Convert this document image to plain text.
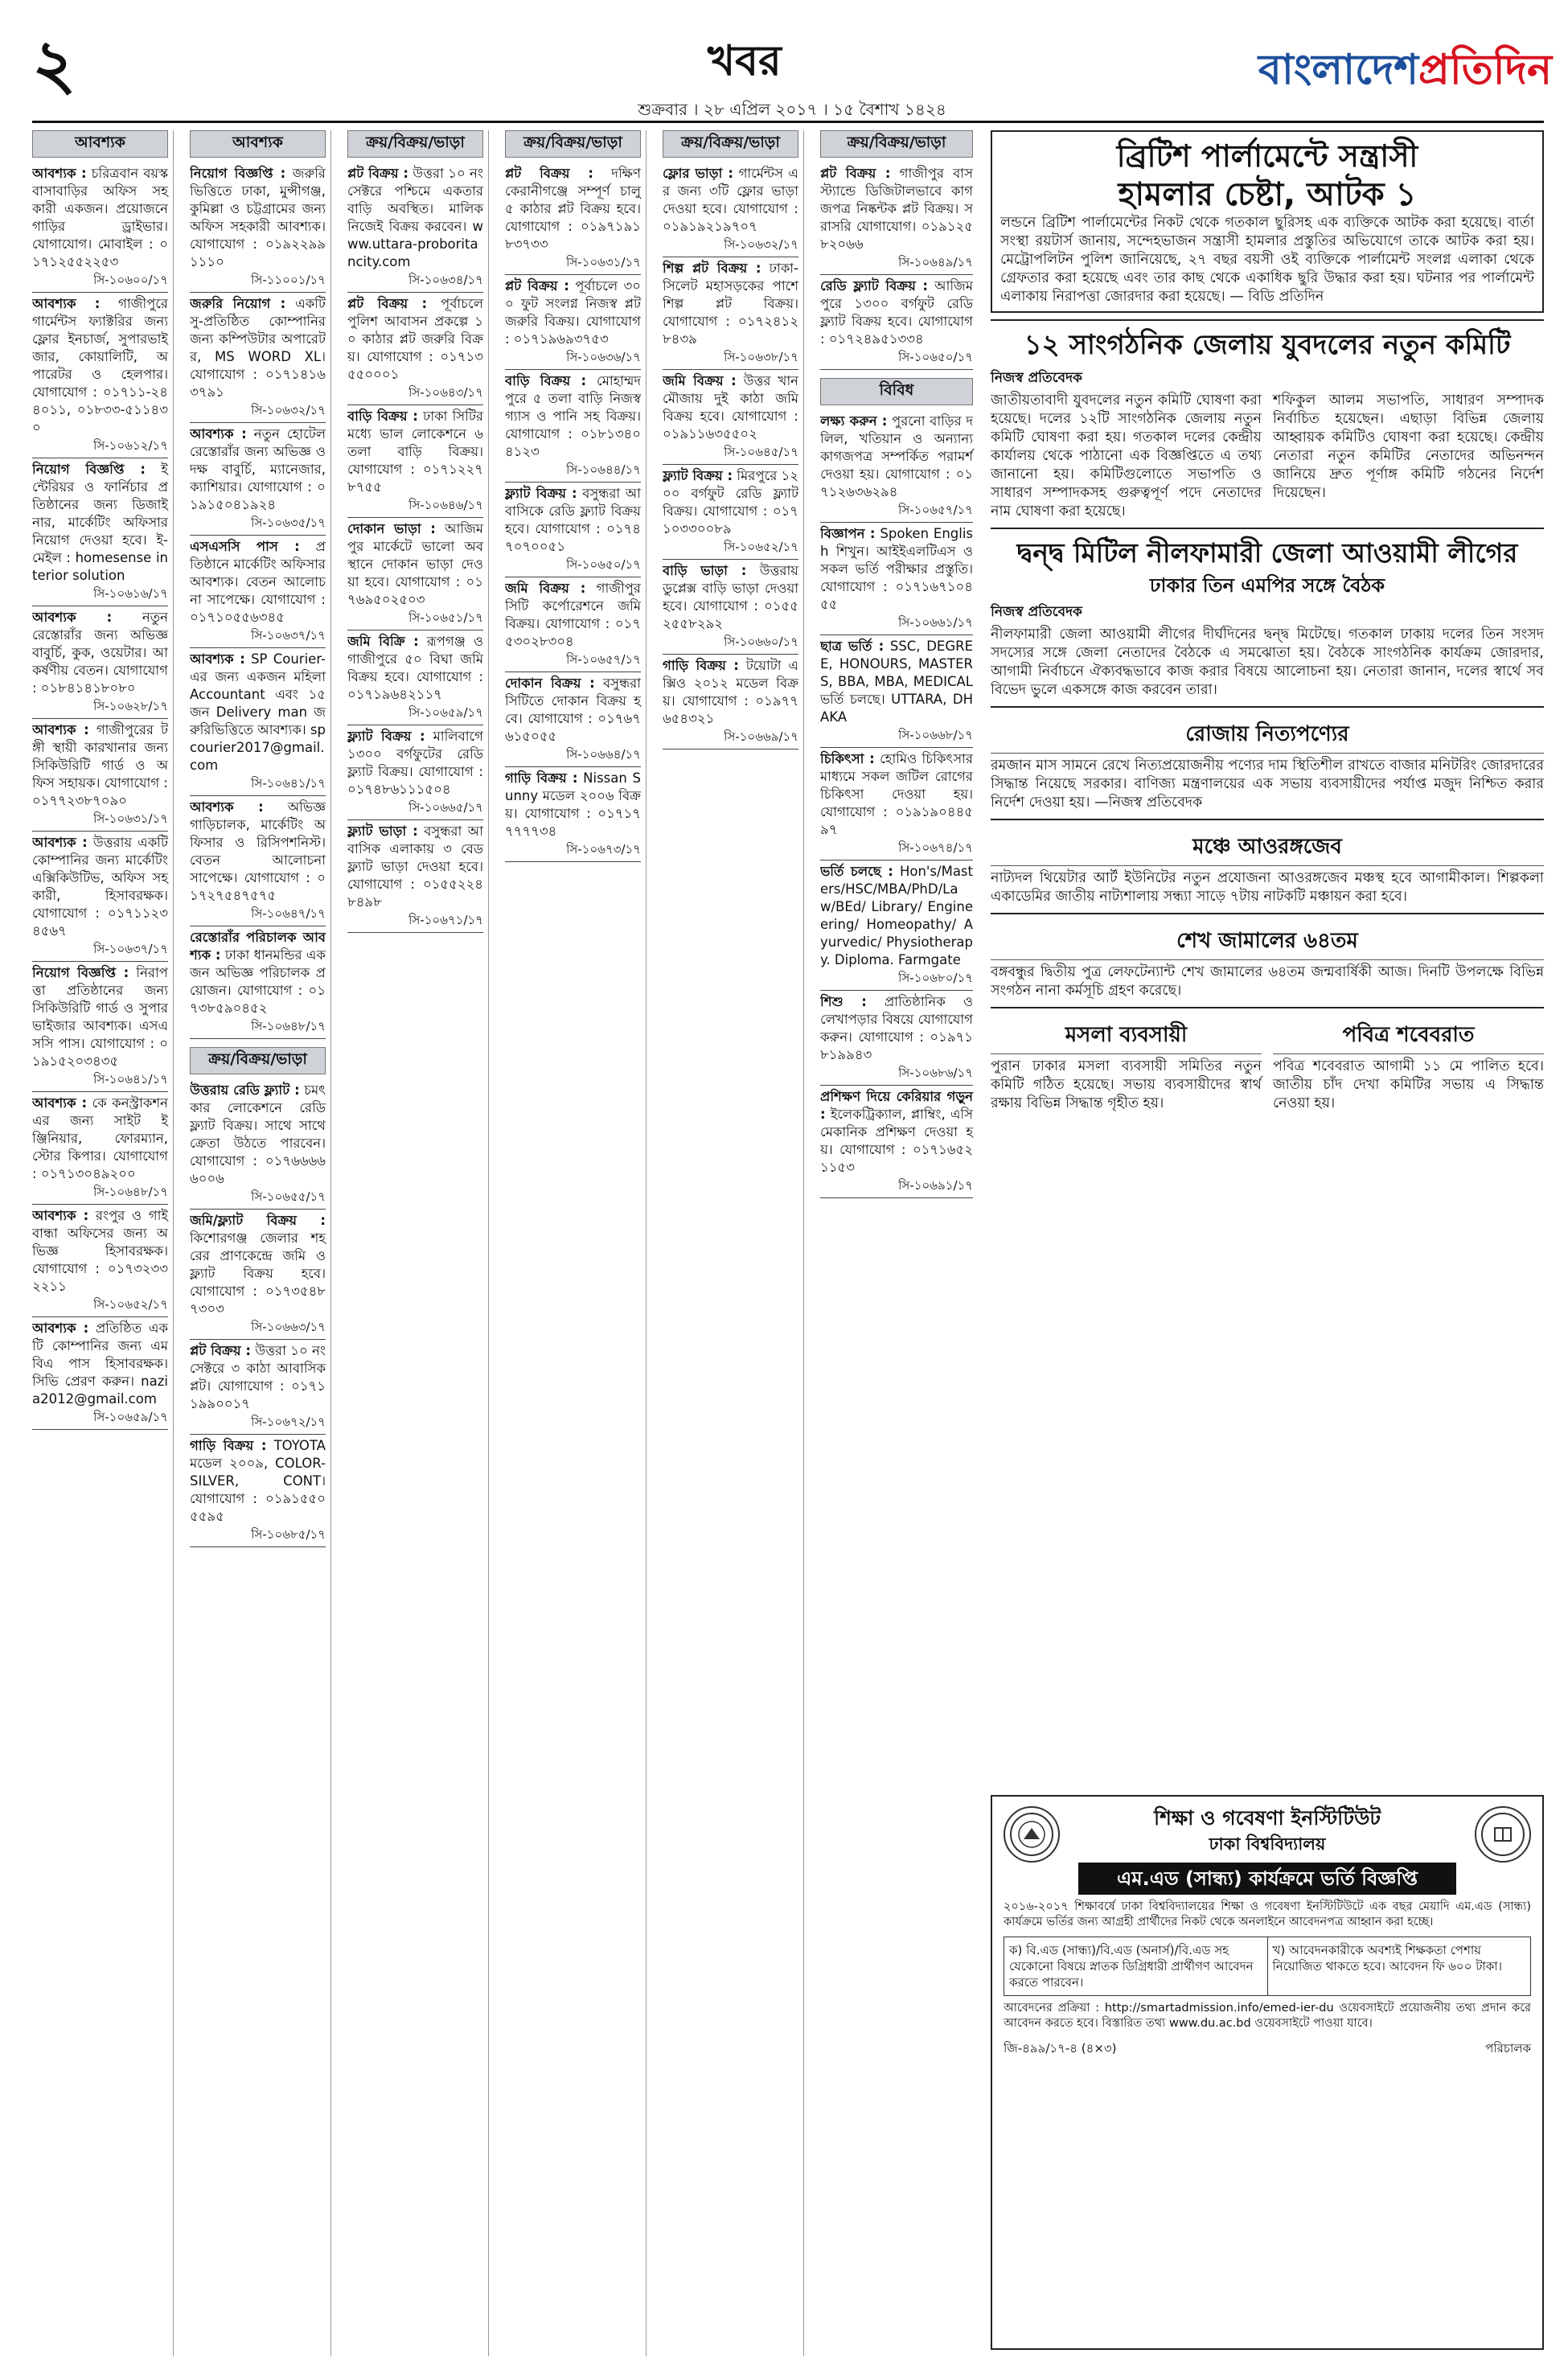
২	খবর
শুক্রবার । ২৮ এপ্রিল ২০১৭ । ১৫ বৈশাখ ১৪২৪
বাংলাদেশপ্রতিদিন
আবশ্যক
আবশ্যক : চরিত্রবান বয়স্ক বাসাবাড়ির অফিস সহকারী একজন। প্রয়োজনে গাড়ির ড্রাইভার। যোগাযোগ। মোবাইল : ০১৭১২৫৫২২৫৩
সি-১০৬০০/১৭
আবশ্যক : গাজীপুরে গার্মেন্টস ফ্যাক্টরির জন্য ফ্লোর ইনচার্জ, সুপারভাইজার, কোয়ালিটি, অপারেটর ও হেলপার। যোগাযোগ : ০১৭১১-২৪৪০১১, ০১৮৩৩-৫১১৪৩০
সি-১০৬১২/১৭
নিয়োগ বিজ্ঞপ্তি : ইন্টেরিয়র ও ফার্নিচার প্রতিষ্ঠানের জন্য ডিজাইনার, মার্কেটিং অফিসার নিয়োগ দেওয়া হবে। ই-মেইল : homesense interior solution
সি-১০৬১৬/১৭
আবশ্যক : নতুন রেস্তোরাঁর জন্য অভিজ্ঞ বাবুর্চি, কুক, ওয়েটার। আকর্ষণীয় বেতন। যোগাযোগ : ০১৮৪১৪১৮০৮০
সি-১০৬২৮/১৭
আবশ্যক : গাজীপুরের টঙ্গী স্থায়ী কারখানার জন্য সিকিউরিটি গার্ড ও অফিস সহায়ক। যোগাযোগ : ০১৭৭২৩৮৭০৯০
সি-১০৬৩১/১৭
আবশ্যক : উত্তরায় একটি কোম্পানির জন্য মার্কেটিং এক্সিকিউটিভ, অফিস সহকারী, হিসাবরক্ষক। যোগাযোগ : ০১৭১১২৩৪৫৬৭
সি-১০৬৩৭/১৭
নিয়োগ বিজ্ঞপ্তি : নিরাপত্তা প্রতিষ্ঠানের জন্য সিকিউরিটি গার্ড ও সুপারভাইজার আবশ্যক। এসএসসি পাস। যোগাযোগ : ০১৯১৫২০৩৪৩৫
সি-১০৬৪১/১৭
আবশ্যক : কে কনস্ট্রাকশন এর জন্য সাইট ইঞ্জিনিয়ার, ফোরম্যান, স্টোর কিপার। যোগাযোগ : ০১৭১৩০৪৯২০০
সি-১০৬৪৮/১৭
আবশ্যক : রংপুর ও গাইবান্ধা অফিসের জন্য অভিজ্ঞ হিসাবরক্ষক। যোগাযোগ : ০১৭৩২৩৩২২১১
সি-১০৬৫২/১৭
আবশ্যক : প্রতিষ্ঠিত একটি কোম্পানির জন্য এমবিএ পাস হিসাবরক্ষক। সিভি প্রেরণ করুন। nazia2012@gmail.com
সি-১০৬৫৯/১৭
আবশ্যক
নিয়োগ বিজ্ঞপ্তি : জরুরি ভিত্তিতে ঢাকা, মুন্সীগঞ্জ, কুমিল্লা ও চট্টগ্রামের জন্য অফিস সহকারী আবশ্যক। যোগাযোগ : ০১৯২২৯৯১১১০
সি-১১০০১/১৭
জরুরি নিয়োগ : একটি সু-প্রতিষ্ঠিত কোম্পানির জন্য কম্পিউটার অপারেটর, MS WORD XL। যোগাযোগ : ০১৭১৪১৬৩৭৯১
সি-১০৬৩২/১৭
আবশ্যক : নতুন হোটেল রেস্তোরাঁর জন্য অভিজ্ঞ ও দক্ষ বাবুর্চি, ম্যানেজার, ক্যাশিয়ার। যোগাযোগ : ০১৯১৫০৪১৯২৪
সি-১০৬৩৫/১৭
এসএসসি পাস : প্রতিষ্ঠানে মার্কেটিং অফিসার আবশ্যক। বেতন আলোচনা সাপেক্ষে। যোগাযোগ : ০১৭১০৫৫৬৩৪৫
সি-১০৬৩৭/১৭
আবশ্যক : SP Courier-এর জন্য একজন মহিলা Accountant এবং ১৫ জন Delivery man জরুরিভিত্তিতে আবশ্যক। spcourier2017@gmail.com
সি-১০৬৪১/১৭
আবশ্যক : অভিজ্ঞ গাড়িচালক, মার্কেটিং অফিসার ও রিসিপশনিস্ট। বেতন আলোচনা সাপেক্ষে। যোগাযোগ : ০১৭২৭৫৪৭৫৭৫
সি-১০৬৪৭/১৭
রেস্তোরাঁর পরিচালক আবশ্যক : ঢাকা ধানমন্ডির একজন অভিজ্ঞ পরিচালক প্রয়োজন। যোগাযোগ : ০১৭৩৮৫৯০৪৫২
সি-১০৬৪৮/১৭
ক্রয়/বিক্রয়/ভাড়া
উত্তরায় রেডি ফ্ল্যাট : চমৎকার লোকেশনে রেডি ফ্ল্যাট বিক্রয়। সাথে সাথে ক্রেতা উঠতে পারবেন। যোগাযোগ : ০১৭৬৬৬৬৬০০৬
সি-১০৬৫৫/১৭
জমি/ফ্ল্যাট বিক্রয় : কিশোরগঞ্জ জেলার শহরের প্রাণকেন্দ্রে জমি ও ফ্ল্যাট বিক্রয় হবে। যোগাযোগ : ০১৭৩৫৪৮৭৩০৩
সি-১০৬৬৩/১৭
প্লট বিক্রয় : উত্তরা ১০ নং সেক্টরে ৩ কাঠা আবাসিক প্লট। যোগাযোগ : ০১৭১১৯৯০০১৭
সি-১০৬৭২/১৭
গাড়ি বিক্রয় : TOYOTA মডেল ২০০৯, COLOR-SILVER, CONT। যোগাযোগ : ০১৯১৫৫০৫৫৯৫
সি-১০৬৮৫/১৭
ক্রয়/বিক্রয়/ভাড়া
প্লট বিক্রয় : উত্তরা ১০ নং সেক্টরে পশ্চিমে একতার বাড়ি অবস্থিত। মালিক নিজেই বিক্রয় করবেন। www.uttara-proboritancity.com
সি-১০৬৩৪/১৭
প্লট বিক্রয় : পূর্বাচলে পুলিশ আবাসন প্রকল্পে ১০ কাঠার প্লট জরুরি বিক্রয়। যোগাযোগ : ০১৭১৩৫৫০০০১
সি-১০৬৪৩/১৭
বাড়ি বিক্রয় : ঢাকা সিটির মধ্যে ভাল লোকেশনে ৬ তলা বাড়ি বিক্রয়। যোগাযোগ : ০১৭১২২৭৮৭৫৫
সি-১০৬৪৬/১৭
দোকান ভাড়া : আজিমপুর মার্কেটে ভালো অবস্থানে দোকান ভাড়া দেওয়া হবে। যোগাযোগ : ০১৭৬৯৫০২৫০৩
সি-১০৬৫১/১৭
জমি বিক্রি : রূপগঞ্জ ও গাজীপুরে ৫০ বিঘা জমি বিক্রয় হবে। যোগাযোগ : ০১৭১৯৬৪২১১৭
সি-১০৬৫৯/১৭
ফ্ল্যাট বিক্রয় : মালিবাগে ১৩০০ বর্গফুটের রেডি ফ্ল্যাট বিক্রয়। যোগাযোগ : ০১৭৪৮৬১১১৫০৪
সি-১০৬৬৫/১৭
ফ্ল্যাট ভাড়া : বসুন্ধরা আবাসিক এলাকায় ৩ বেড ফ্ল্যাট ভাড়া দেওয়া হবে। যোগাযোগ : ০১৫৫২২৪৮৪৯৮
সি-১০৬৭১/১৭
ক্রয়/বিক্রয়/ভাড়া
প্লট বিক্রয় : দক্ষিণ কেরানীগঞ্জে সম্পূর্ণ চালু ৫ কাঠার প্লট বিক্রয় হবে। যোগাযোগ : ০১৯৭১৯১৮৩৭৩৩
সি-১০৬৩১/১৭
প্লট বিক্রয় : পূর্বাচলে ৩০০ ফুট সংলগ্ন নিজস্ব প্লট জরুরি বিক্রয়। যোগাযোগ : ০১৭১৯৬৯৩৭৫৩
সি-১০৬৩৬/১৭
বাড়ি বিক্রয় : মোহাম্মদপুরে ৫ তলা বাড়ি নিজস্ব গ্যাস ও পানি সহ বিক্রয়। যোগাযোগ : ০১৮১৩৪০৪১২৩
সি-১০৬৪৪/১৭
ফ্ল্যাট বিক্রয় : বসুন্ধরা আবাসিকে রেডি ফ্ল্যাট বিক্রয় হবে। যোগাযোগ : ০১৭৪৭০৭০০৫১
সি-১০৬৫০/১৭
জমি বিক্রয় : গাজীপুর সিটি কর্পোরেশনে জমি বিক্রয়। যোগাযোগ : ০১৭৫৩০২৮৩০৪
সি-১০৬৫৭/১৭
দোকান বিক্রয় : বসুন্ধরা সিটিতে দোকান বিক্রয় হবে। যোগাযোগ : ০১৭৬৭৬১৫০৫৫
সি-১০৬৬৪/১৭
গাড়ি বিক্রয় : Nissan Sunny মডেল ২০০৬ বিক্রয়। যোগাযোগ : ০১৭১৭৭৭৭৭৩৪
সি-১০৬৭৩/১৭
ক্রয়/বিক্রয়/ভাড়া
ফ্লোর ভাড়া : গার্মেন্টস এর জন্য ৩টি ফ্লোর ভাড়া দেওয়া হবে। যোগাযোগ : ০১৯১৯২১৯৭০৭
সি-১০৬৩২/১৭
শিল্প প্লট বিক্রয় : ঢাকা-সিলেট মহাসড়কের পাশে শিল্প প্লট বিক্রয়। যোগাযোগ : ০১৭২৪১২৮৪৩৯
সি-১০৬৩৮/১৭
জমি বিক্রয় : উত্তর খান মৌজায় দুই কাঠা জমি বিক্রয় হবে। যোগাযোগ : ০১৯১১৬৩৫৫০২
সি-১০৬৪৫/১৭
ফ্ল্যাট বিক্রয় : মিরপুরে ১২০০ বর্গফুট রেডি ফ্ল্যাট বিক্রয়। যোগাযোগ : ০১৭১০৩৩০০৮৯
সি-১০৬৫২/১৭
বাড়ি ভাড়া : উত্তরায় ডুপ্লেক্স বাড়ি ভাড়া দেওয়া হবে। যোগাযোগ : ০১৫৫২৫৫৮২৯২
সি-১০৬৬০/১৭
গাড়ি বিক্রয় : টয়োটা এক্সিও ২০১২ মডেল বিক্রয়। যোগাযোগ : ০১৯৭৭৬৫৪৩২১
সি-১০৬৬৯/১৭
ক্রয়/বিক্রয়/ভাড়া
প্লট বিক্রয় : গাজীপুর বাসস্ট্যান্ডে ডিজিটালভাবে কাগজপত্র নিষ্কন্টক প্লট বিক্রয়। সরাসরি যোগাযোগ। ০১৯১২৫৮২০৬৬
সি-১০৬৪৯/১৭
রেডি ফ্ল্যাট বিক্রয় : আজিমপুরে ১৩০০ বর্গফুট রেডি ফ্ল্যাট বিক্রয় হবে। যোগাযোগ : ০১৭২৪৯৫১৩৩৪
সি-১০৬৫০/১৭
বিবিধ
লক্ষ্য করুন : পুরনো বাড়ির দলিল, খতিয়ান ও অন্যান্য কাগজপত্র সম্পর্কিত পরামর্শ দেওয়া হয়। যোগাযোগ : ০১৭১২৬৩৬২৯৪
সি-১০৬৫৭/১৭
বিজ্ঞাপন : Spoken English শিখুন। আইইএলটিএস ও সকল ভর্তি পরীক্ষার প্রস্তুতি। যোগাযোগ : ০১৭১৬৭১০৪৫৫
সি-১০৬৬১/১৭
ছাত্র ভর্তি : SSC, DEGREE, HONOURS, MASTERS, BBA, MBA, MEDICAL ভর্তি চলছে। UTTARA, DHAKA
সি-১০৬৬৮/১৭
চিকিৎসা : হোমিও চিকিৎসার মাধ্যমে সকল জটিল রোগের চিকিৎসা দেওয়া হয়। যোগাযোগ : ০১৯১৯০৪৪৫৯৭
সি-১০৬৭৪/১৭
ভর্তি চলছে : Hon's/Masters/HSC/MBA/PhD/Law/BEd/ Library/ Engineering/ Homeopathy/ Ayurvedic/ Physiotherapy. Diploma. Farmgate
সি-১০৬৮০/১৭
শিশু : প্রাতিষ্ঠানিক ও লেখাপড়ার বিষয়ে যোগাযোগ করুন। যোগাযোগ : ০১৯৭১৮১৯৯৪৩
সি-১০৬৮৬/১৭
প্রশিক্ষণ দিয়ে কেরিয়ার গড়ুন : ইলেকট্রিক্যাল, প্লাম্বিং, এসি মেকানিক প্রশিক্ষণ দেওয়া হয়। যোগাযোগ : ০১৭১৬৫২১১৫৩
সি-১০৬৯১/১৭
ব্রিটিশ পার্লামেন্টে সন্ত্রাসী
হামলার চেষ্টা, আটক ১
লন্ডনে ব্রিটিশ পার্লামেন্টের নিকট থেকে গতকাল ছুরিসহ এক ব্যক্তিকে আটক করা হয়েছে। বার্তা সংস্থা রয়টার্স জানায়, সন্দেহভাজন সন্ত্রাসী হামলার প্রস্তুতির অভিযোগে তাকে আটক করা হয়। মেট্রোপলিটন পুলিশ জানিয়েছে, ২৭ বছর বয়সী ওই ব্যক্তিকে পার্লামেন্ট সংলগ্ন এলাকা থেকে গ্রেফতার করা হয়েছে এবং তার কাছ থেকে একাধিক ছুরি উদ্ধার করা হয়। ঘটনার পর পার্লামেন্ট এলাকায় নিরাপত্তা জোরদার করা হয়েছে। — বিডি প্রতিদিন
১২ সাংগঠনিক জেলায় যুবদলের নতুন কমিটি
নিজস্ব প্রতিবেদক
জাতীয়তাবাদী যুবদলের নতুন কমিটি ঘোষণা করা হয়েছে। দলের ১২টি সাংগঠনিক জেলায় নতুন কমিটি ঘোষণা করা হয়। গতকাল দলের কেন্দ্রীয় কার্যালয় থেকে পাঠানো এক বিজ্ঞপ্তিতে এ তথ্য জানানো হয়। কমিটিগুলোতে সভাপতি ও সাধারণ সম্পাদকসহ গুরুত্বপূর্ণ পদে নেতাদের নাম ঘোষণা করা হয়েছে।
শফিকুল আলম সভাপতি, সাধারণ সম্পাদক নির্বাচিত হয়েছেন। এছাড়া বিভিন্ন জেলায় আহ্বায়ক কমিটিও ঘোষণা করা হয়েছে। কেন্দ্রীয় নেতারা নতুন কমিটির নেতাদের অভিনন্দন জানিয়ে দ্রুত পূর্ণাঙ্গ কমিটি গঠনের নির্দেশ দিয়েছেন।
দ্বন্দ্ব মিটিল নীলফামারী জেলা আওয়ামী লীগের
ঢাকার তিন এমপির সঙ্গে বৈঠক
নিজস্ব প্রতিবেদক
নীলফামারী জেলা আওয়ামী লীগের দীর্ঘদিনের দ্বন্দ্ব মিটেছে। গতকাল ঢাকায় দলের তিন সংসদ সদস্যের সঙ্গে জেলা নেতাদের বৈঠকে এ সমঝোতা হয়। বৈঠকে সাংগঠনিক কার্যক্রম জোরদার, আগামী নির্বাচনে ঐক্যবদ্ধভাবে কাজ করার বিষয়ে আলোচনা হয়। নেতারা জানান, দলের স্বার্থে সব বিভেদ ভুলে একসঙ্গে কাজ করবেন তারা।
রোজায় নিত্যপণ্যের
রমজান মাস সামনে রেখে নিত্যপ্রয়োজনীয় পণ্যের দাম স্থিতিশীল রাখতে বাজার মনিটরিং জোরদারের সিদ্ধান্ত নিয়েছে সরকার। বাণিজ্য মন্ত্রণালয়ের এক সভায় ব্যবসায়ীদের পর্যাপ্ত মজুদ নিশ্চিত করার নির্দেশ দেওয়া হয়। —নিজস্ব প্রতিবেদক
মঞ্চে আওরঙ্গজেব
নাট্যদল থিয়েটার আর্ট ইউনিটের নতুন প্রযোজনা আওরঙ্গজেব মঞ্চস্থ হবে আগামীকাল। শিল্পকলা একাডেমির জাতীয় নাট্যশালায় সন্ধ্যা সাড়ে ৭টায় নাটকটি মঞ্চায়ন করা হবে।
শেখ জামালের ৬৪তম
বঙ্গবন্ধুর দ্বিতীয় পুত্র লেফটেন্যান্ট শেখ জামালের ৬৪তম জন্মবার্ষিকী আজ। দিনটি উপলক্ষে বিভিন্ন সংগঠন নানা কর্মসূচি গ্রহণ করেছে।
মসলা ব্যবসায়ী
পুরান ঢাকার মসলা ব্যবসায়ী সমিতির নতুন কমিটি গঠিত হয়েছে। সভায় ব্যবসায়ীদের স্বার্থ রক্ষায় বিভিন্ন সিদ্ধান্ত গৃহীত হয়।
পবিত্র শবেবরাত
পবিত্র শবেবরাত আগামী ১১ মে পালিত হবে। জাতীয় চাঁদ দেখা কমিটির সভায় এ সিদ্ধান্ত নেওয়া হয়।
শিক্ষা ও গবেষণা ইনস্টিটিউট
ঢাকা বিশ্ববিদ্যালয়
এম.এড (সান্ধ্য) কার্যক্রমে ভর্তি বিজ্ঞপ্তি
২০১৬-২০১৭ শিক্ষাবর্ষে ঢাকা বিশ্ববিদ্যালয়ের শিক্ষা ও গবেষণা ইনস্টিটিউটে এক বছর মেয়াদি এম.এড (সান্ধ্য) কার্যক্রমে ভর্তির জন্য আগ্রহী প্রার্থীদের নিকট থেকে অনলাইনে আবেদনপত্র আহ্বান করা হচ্ছে।
ক) বি.এড (সান্ধ্য)/বি.এড (অনার্স)/বি.এড সহ যেকোনো বিষয়ে স্নাতক ডিগ্রিধারী প্রার্থীগণ আবেদন করতে পারবেন।
খ) আবেদনকারীকে অবশ্যই শিক্ষকতা পেশায় নিয়োজিত থাকতে হবে। আবেদন ফি ৬০০ টাকা।
আবেদনের প্রক্রিয়া : http://smartadmission.info/emed-ier-du ওয়েবসাইটে প্রয়োজনীয় তথ্য প্রদান করে আবেদন করতে হবে। বিস্তারিত তথ্য www.du.ac.bd ওয়েবসাইটে পাওয়া যাবে।
জি-৪৯৯/১৭-৪ (৪×৩)	পরিচালক
